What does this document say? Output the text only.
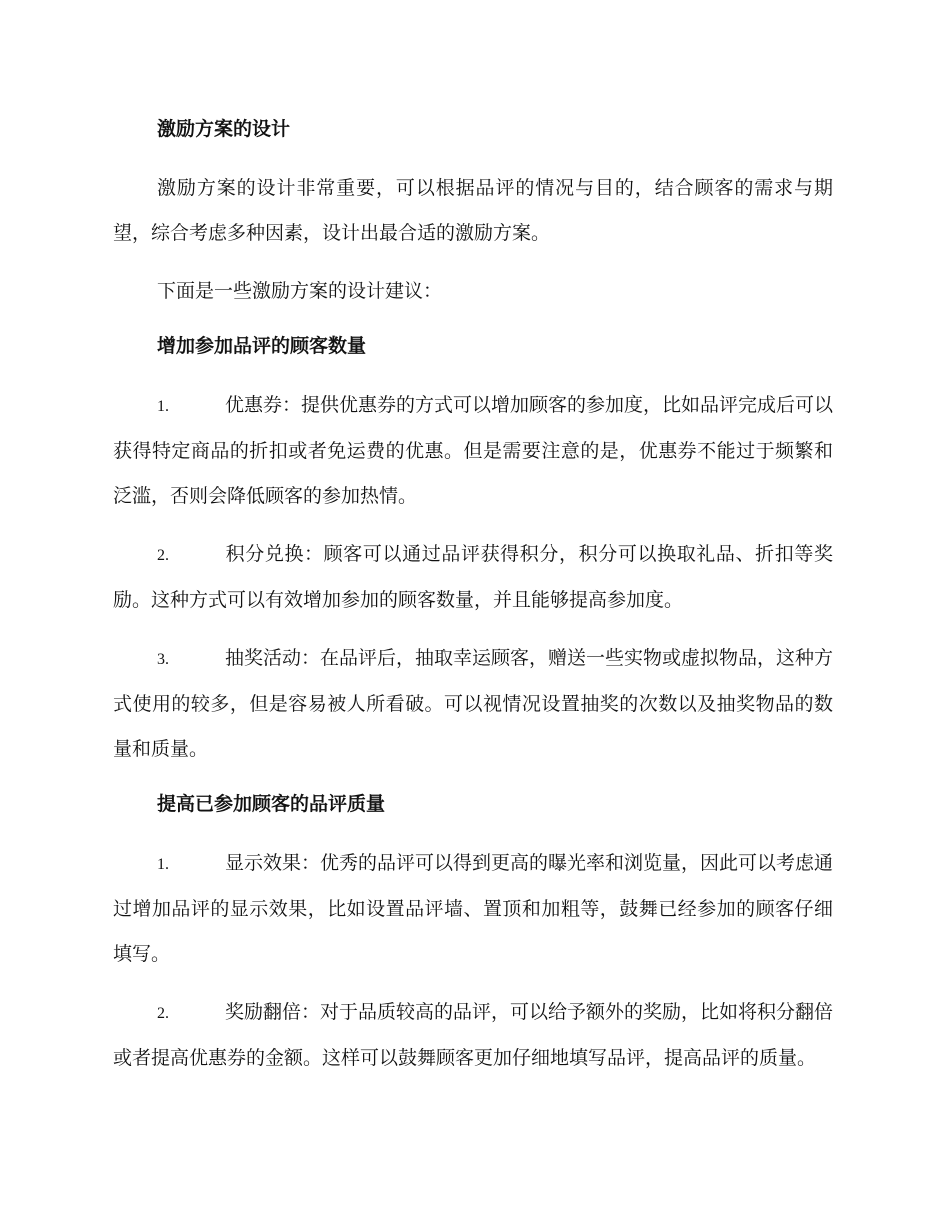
激励方案的设计

激励方案的设计非常重要，可以根据品评的情况与目的，结合顾客的需求与期望，综合考虑多种因素，设计出最合适的激励方案。

下面是一些激励方案的设计建议：

增加参加品评的顾客数量

1.	优惠券：提供优惠券的方式可以增加顾客的参加度，比如品评完成后可以获得特定商品的折扣或者免运费的优惠。但是需要注意的是，优惠券不能过于频繁和泛滥，否则会降低顾客的参加热情。

2.	积分兑换：顾客可以通过品评获得积分，积分可以换取礼品、折扣等奖励。这种方式可以有效增加参加的顾客数量，并且能够提高参加度。

3.	抽奖活动：在品评后，抽取幸运顾客，赠送一些实物或虚拟物品，这种方式使用的较多，但是容易被人所看破。可以视情况设置抽奖的次数以及抽奖物品的数量和质量。

提高已参加顾客的品评质量

1.	显示效果：优秀的品评可以得到更高的曝光率和浏览量，因此可以考虑通过增加品评的显示效果，比如设置品评墙、置顶和加粗等，鼓舞已经参加的顾客仔细填写。

2.	奖励翻倍：对于品质较高的品评，可以给予额外的奖励，比如将积分翻倍或者提高优惠券的金额。这样可以鼓舞顾客更加仔细地填写品评，提高品评的质量。
